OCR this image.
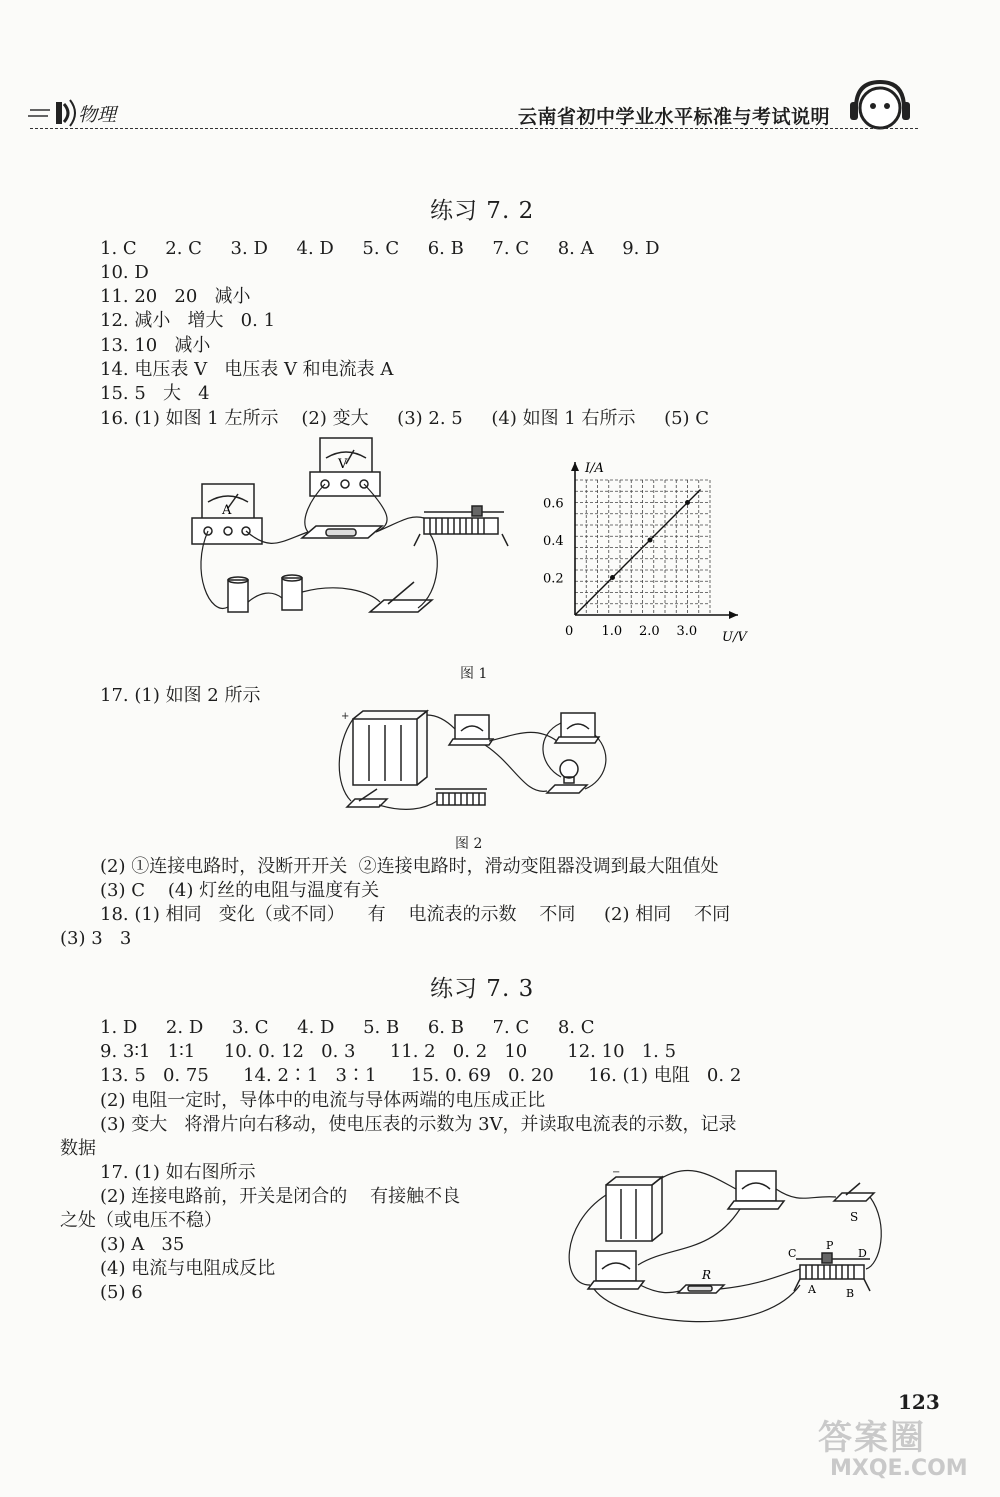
物理	云南省初中学业水平标准与考试说明
练习 7. 2
1. C     2. C     3. D     4. D     5. C     6. B     7. C     8. A     9. D
10. D
11. 20   20   减小
12. 减小   增大   0. 1
13. 10   减小
14. 电压表 V   电压表 V 和电流表 A
15. 5   大   4
16. (1) 如图 1 左所示    (2) 变大     (3) 2. 5     (4) 如图 1 右所示     (5) C
A
V	I/A
U/V
0 1.0 2.0 3.0
0.2
0.4
0.6
图 1
17. (1) 如图 2 所示
+
图 2
(2) ①连接电路时，没断开开关  ②连接电路时，滑动变阻器没调到最大阻值处
(3) C    (4) 灯丝的电阻与温度有关
18. (1) 相同   变化（或不同）    有    电流表的示数    不同     (2) 相同    不同
(3) 3   3
练习 7. 3
1. D     2. D     3. C     4. D     5. B     6. B     7. C     8. C
9. 3∶1   1∶1     10. 0. 12   0. 3      11. 2   0. 2   10       12. 10   1. 5
13. 5   0. 75      14. 2∶1   3∶1      15. 0. 69   0. 20      16. (1) 电阻   0. 2
(2) 电阻一定时，导体中的电流与导体两端的电压成正比
(3) 变大   将滑片向右移动，使电压表的示数为 3V，并读取电流表的示数，记录
数据
17. (1) 如右图所示
(2) 连接电路前，开关是闭合的    有接触不良
之处（或电压不稳）
(3) A   35
(4) 电流与电阻成反比
(5) 6
−
S
R
C
P
D
A	B
123
答案圈
MXQE.COM
